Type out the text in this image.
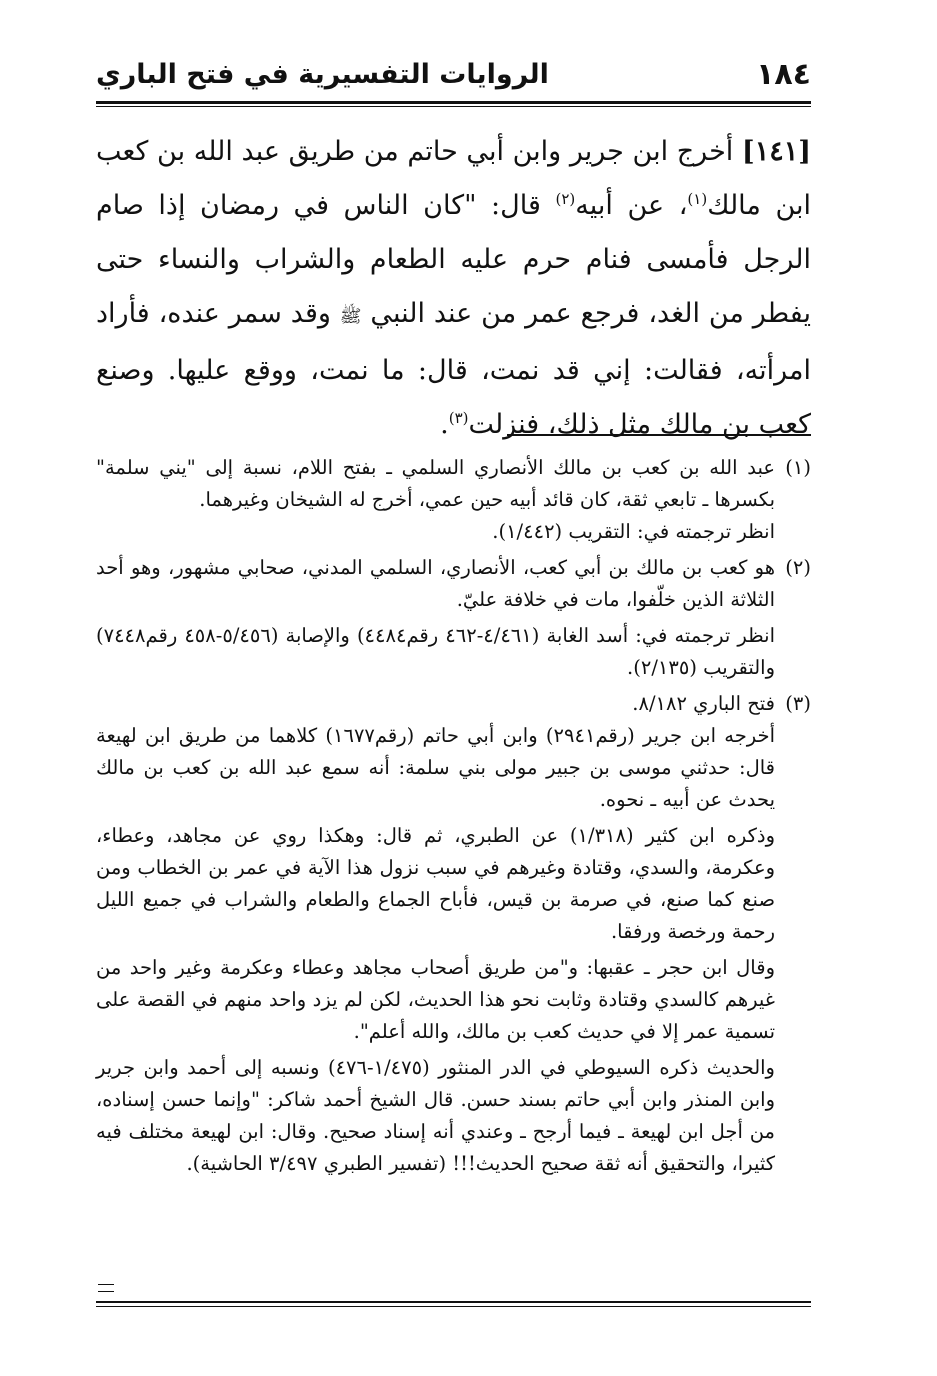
١٨٤
الروايات التفسيرية في فتح الباري
[١٤١] أخرج ابن جرير وابن أبي حاتم من طريق عبد الله بن كعب ابن مالك$^{(١)}$، عن أبيه$^{(٢)}$ قال: "كان الناس في رمضان إذا صام الرجل فأمسى فنام حرم عليه الطعام والشراب والنساء حتى يفطر من الغد، فرجع عمر من عند النبي ﷺ وقد سمر عنده، فأراد امرأته، فقالت: إني قد نمت، قال: ما نمت، ووقع عليها. وصنع كعب بن مالك مثل ذلك، فنزلت$^{(٣)}$.
(١)

عبد الله بن كعب بن مالك الأنصاري السلمي ـ بفتح اللام، نسبة إلى "يني سلمة" بكسرها ـ تابعي ثقة، كان قائد أبيه حين عمي، أخرج له الشيخان وغيرهما.

انظر ترجمته في: التقريب (١/٤٤٢).

(٢)

هو كعب بن مالك بن أبي كعب، الأنصاري، السلمي المدني، صحابي مشهور، وهو أحد الثلاثة الذين خلّفوا، مات في خلافة عليّ.

انظر ترجمته في: أسد الغابة (٤/٤٦١-٤٦٢ رقم٤٤٨٤) والإصابة (٥/٤٥٦-٤٥٨ رقم٧٤٤٨) والتقريب (٢/١٣٥).

(٣)

فتح الباري ٨/١٨٢.

أخرجه ابن جرير (رقم٢٩٤١) وابن أبي حاتم (رقم١٦٧٧) كلاهما من طريق ابن لهيعة قال: حدثني موسى بن جبير مولى بني سلمة: أنه سمع عبد الله بن كعب بن مالك يحدث عن أبيه ـ نحوه.

وذكره ابن كثير (١/٣١٨) عن الطبري، ثم قال: وهكذا روي عن مجاهد، وعطاء، وعكرمة، والسدي، وقتادة وغيرهم في سبب نزول هذا الآية في عمر بن الخطاب ومن صنع كما صنع، في صرمة بن قيس، فأباح الجماع والطعام والشراب في جميع الليل رحمة ورخصة ورفقا.

وقال ابن حجر ـ عقبها: و"من طريق أصحاب مجاهد وعطاء وعكرمة وغير واحد من غيرهم كالسدي وقتادة وثابت نحو هذا الحديث، لكن لم يزد واحد منهم في القصة على تسمية عمر إلا في حديث كعب بن مالك، والله أعلم".

والحديث ذكره السيوطي في الدر المنثور (١/٤٧٥-٤٧٦) ونسبه إلى أحمد وابن جرير وابن المنذر وابن أبي حاتم بسند حسن. قال الشيخ أحمد شاكر: "وإنما حسن إسناده، من أجل ابن لهيعة ـ فيما أرجح ـ وعندي أنه إسناد صحيح. وقال: ابن لهيعة مختلف فيه كثيرا، والتحقيق أنه ثقة صحيح الحديث!!! (تفسير الطبري ٣/٤٩٧ الحاشية).
